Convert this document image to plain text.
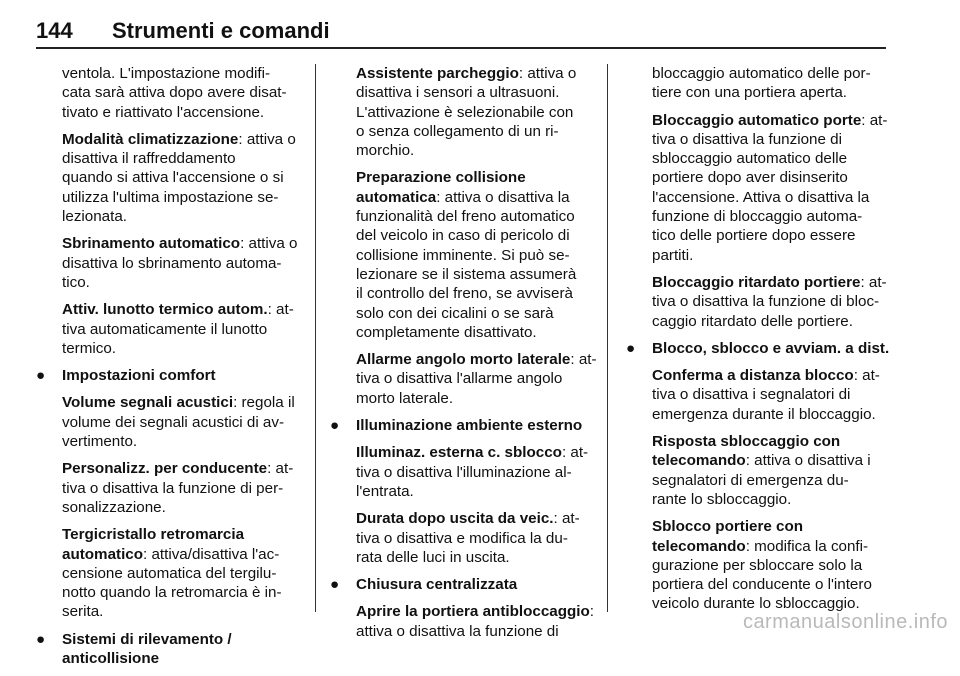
144 Strumenti e comandi
ventola. L'impostazione modifi-
cata sarà attiva dopo avere disat-
tivato e riattivato l'accensione.
Modalità climatizzazione: attiva o
disattiva il raffreddamento
quando si attiva l'accensione o si
utilizza l'ultima impostazione se-
lezionata.
Sbrinamento automatico: attiva o
disattiva lo sbrinamento automa-
tico.
Attiv. lunotto termico autom.: at-
tiva automaticamente il lunotto
termico.
● Impostazioni comfort
Volume segnali acustici: regola il
volume dei segnali acustici di av-
vertimento.
Personalizz. per conducente: at-
tiva o disattiva la funzione di per-
sonalizzazione.
Tergicristallo retromarcia
automatico: attiva/disattiva l'ac-
censione automatica del tergilu-
notto quando la retromarcia è in-
serita.
● Sistemi di rilevamento /
anticollisione
Assistente parcheggio: attiva o
disattiva i sensori a ultrasuoni.
L'attivazione è selezionabile con
o senza collegamento di un ri-
morchio.
Preparazione collisione
automatica: attiva o disattiva la
funzionalità del freno automatico
del veicolo in caso di pericolo di
collisione imminente. Si può se-
lezionare se il sistema assumerà
il controllo del freno, se avviserà
solo con dei cicalini o se sarà
completamente disattivato.
Allarme angolo morto laterale: at-
tiva o disattiva l'allarme angolo
morto laterale.
● Illuminazione ambiente esterno
Illuminaz. esterna c. sblocco: at-
tiva o disattiva l'illuminazione al-
l'entrata.
Durata dopo uscita da veic.: at-
tiva o disattiva e modifica la du-
rata delle luci in uscita.
● Chiusura centralizzata
Aprire la portiera antibloccaggio:
attiva o disattiva la funzione di
bloccaggio automatico delle por-
tiere con una portiera aperta.
Bloccaggio automatico porte: at-
tiva o disattiva la funzione di
sbloccaggio automatico delle
portiere dopo aver disinserito
l'accensione. Attiva o disattiva la
funzione di bloccaggio automa-
tico delle portiere dopo essere
partiti.
Bloccaggio ritardato portiere: at-
tiva o disattiva la funzione di bloc-
caggio ritardato delle portiere.
● Blocco, sblocco e avviam. a dist.
Conferma a distanza blocco: at-
tiva o disattiva i segnalatori di
emergenza durante il bloccaggio.
Risposta sbloccaggio con
telecomando: attiva o disattiva i
segnalatori di emergenza du-
rante lo sbloccaggio.
Sblocco portiere con
telecomando: modifica la confi-
gurazione per sbloccare solo la
portiera del conducente o l'intero
veicolo durante lo sbloccaggio.
carmanualsonline.info
